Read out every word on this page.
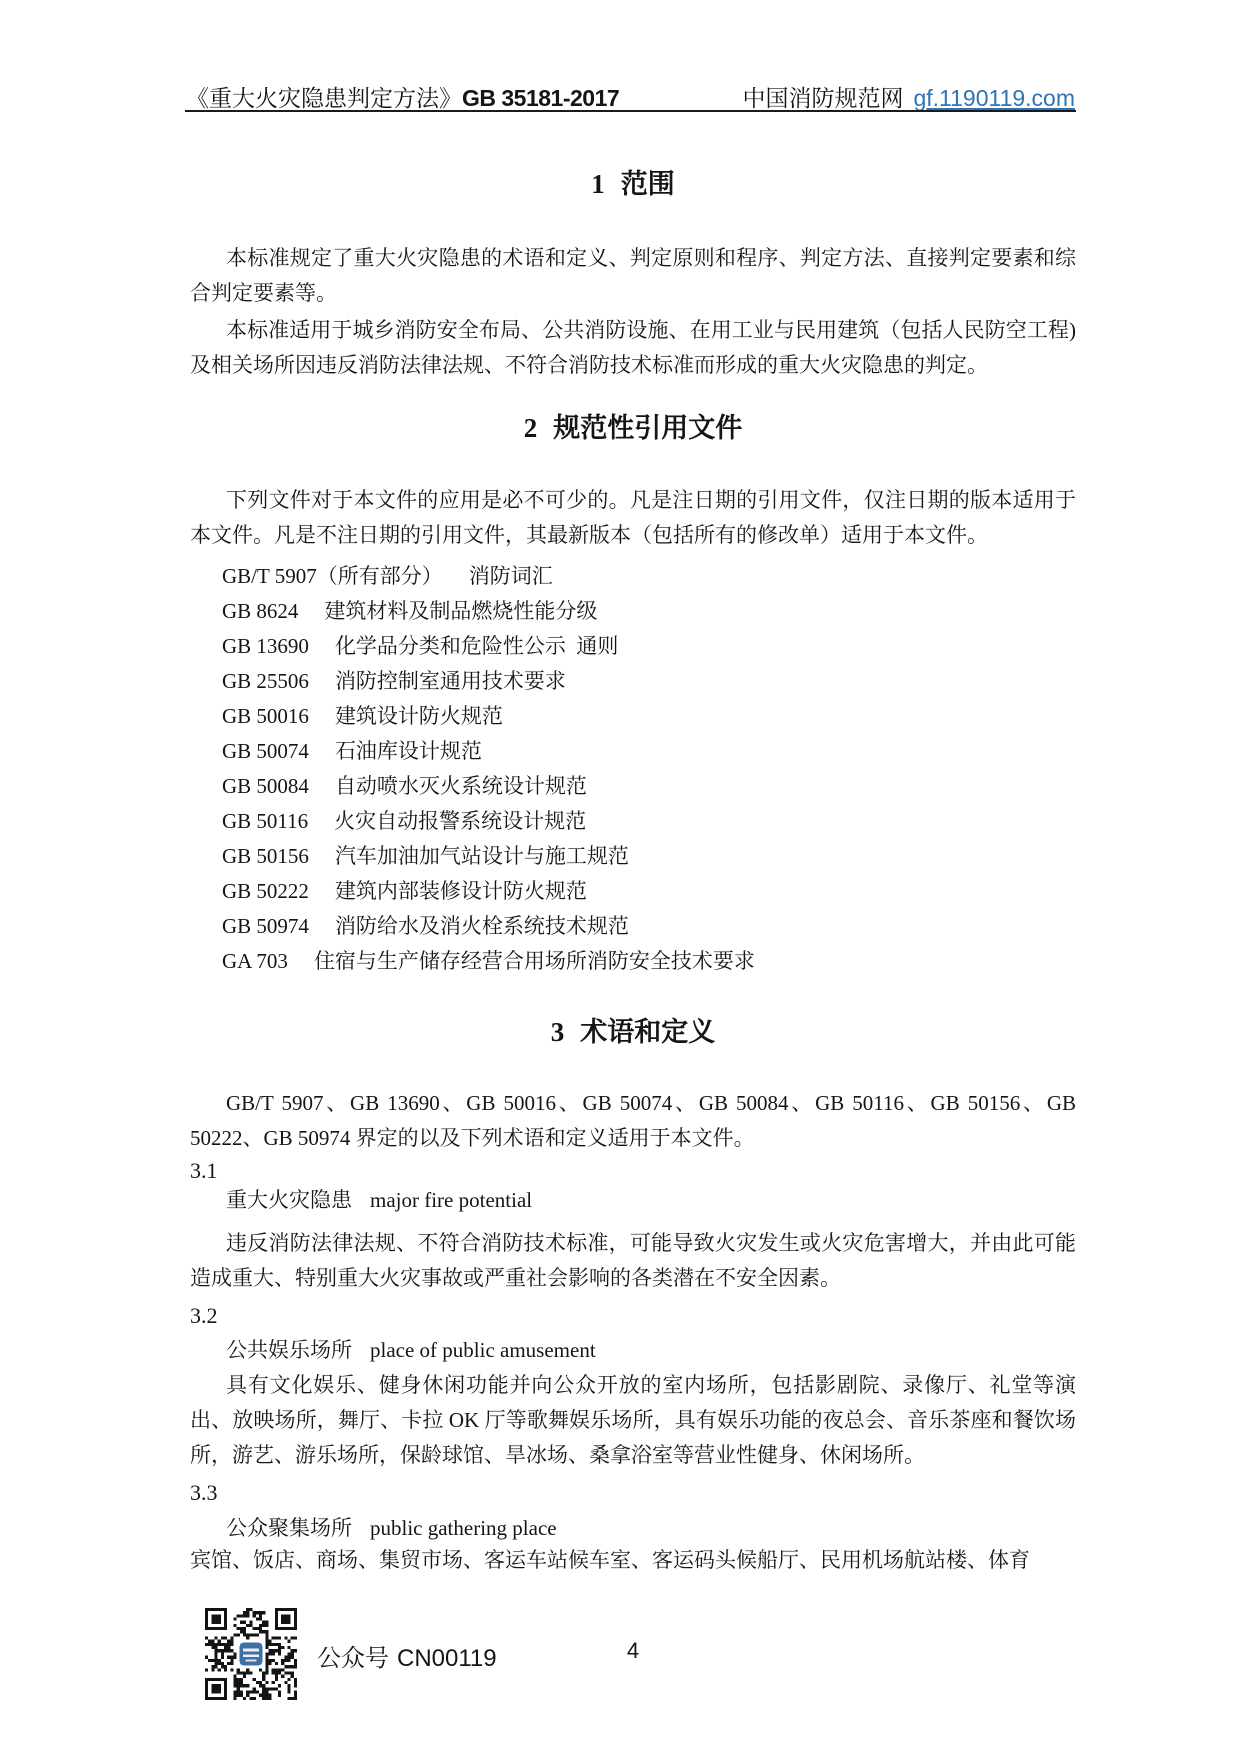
《重大火灾隐患判定方法》GB 35181-2017	中国消防规范网 gf.1190119.com
1 范围
本标准规定了重大火灾隐患的术语和定义、判定原则和程序、判定方法、直接判定要素和综合判定要素等。
本标准适用于城乡消防安全布局、公共消防设施、在用工业与民用建筑（包括人民防空工程)及相关场所因违反消防法律法规、不符合消防技术标准而形成的重大火灾隐患的判定。
2 规范性引用文件
下列文件对于本文件的应用是必不可少的。凡是注日期的引用文件，仅注日期的版本适用于本文件。凡是不注日期的引用文件，其最新版本（包括所有的修改单）适用于本文件。
GB/T 5907（所有部分） 消防词汇
GB 8624 建筑材料及制品燃烧性能分级
GB 13690 化学品分类和危险性公示  通则
GB 25506 消防控制室通用技术要求
GB 50016 建筑设计防火规范
GB 50074 石油库设计规范
GB 50084 自动喷水灭火系统设计规范
GB 50116 火灾自动报警系统设计规范
GB 50156 汽车加油加气站设计与施工规范
GB 50222 建筑内部装修设计防火规范
GB 50974 消防给水及消火栓系统技术规范
GA 703 住宿与生产储存经营合用场所消防安全技术要求
3 术语和定义
GB/T 5907、GB 13690、GB 50016、GB 50074、GB 50084、GB 50116、GB 50156、GB 50222、GB 50974 界定的以及下列术语和定义适用于本文件。
3.1
重大火灾隐患 major fire potential
违反消防法律法规、不符合消防技术标准，可能导致火灾发生或火灾危害增大，并由此可能造成重大、特别重大火灾事故或严重社会影响的各类潜在不安全因素。
3.2
公共娱乐场所 place of public amusement
具有文化娱乐、健身休闲功能并向公众开放的室内场所，包括影剧院、录像厅、礼堂等演出、放映场所，舞厅、卡拉 OK 厅等歌舞娱乐场所，具有娱乐功能的夜总会、音乐茶座和餐饮场所，游艺、游乐场所，保龄球馆、旱冰场、桑拿浴室等营业性健身、休闲场所。
3.3
公众聚集场所 public gathering place
宾馆、饭店、商场、集贸市场、客运车站候车室、客运码头候船厅、民用机场航站楼、体育
公众号 CN00119	4
